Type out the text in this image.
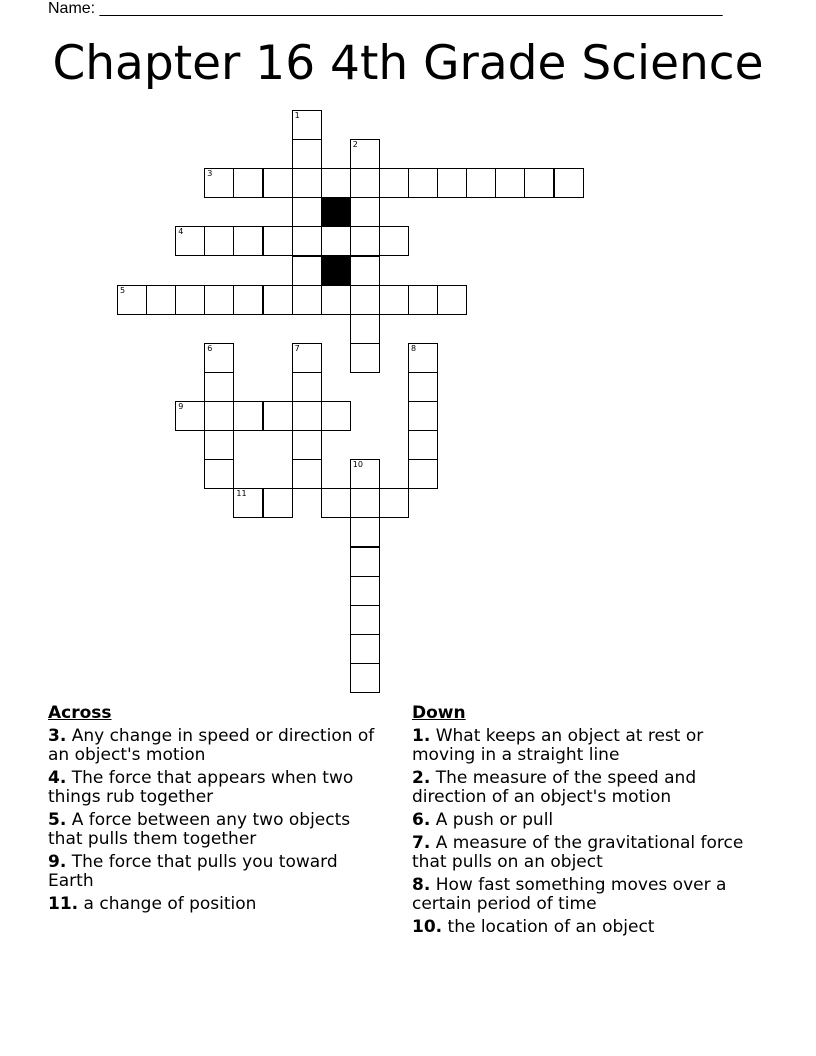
Name: ______________________________________________________________________
Chapter 16 4th Grade Science
1
2
3
4
5
6	7	8
9
11
10
Across
3. Any change in speed or direction of an object's motion
4. The force that appears when two things rub together
5. A force between any two objects that pulls them together
9. The force that pulls you toward Earth
11. a change of position
Down
1. What keeps an object at rest or moving in a straight line
2. The measure of the speed and direction of an object's motion
6. A push or pull
7. A measure of the gravitational force that pulls on an object
8. How fast something moves over a certain period of time
10. the location of an object
